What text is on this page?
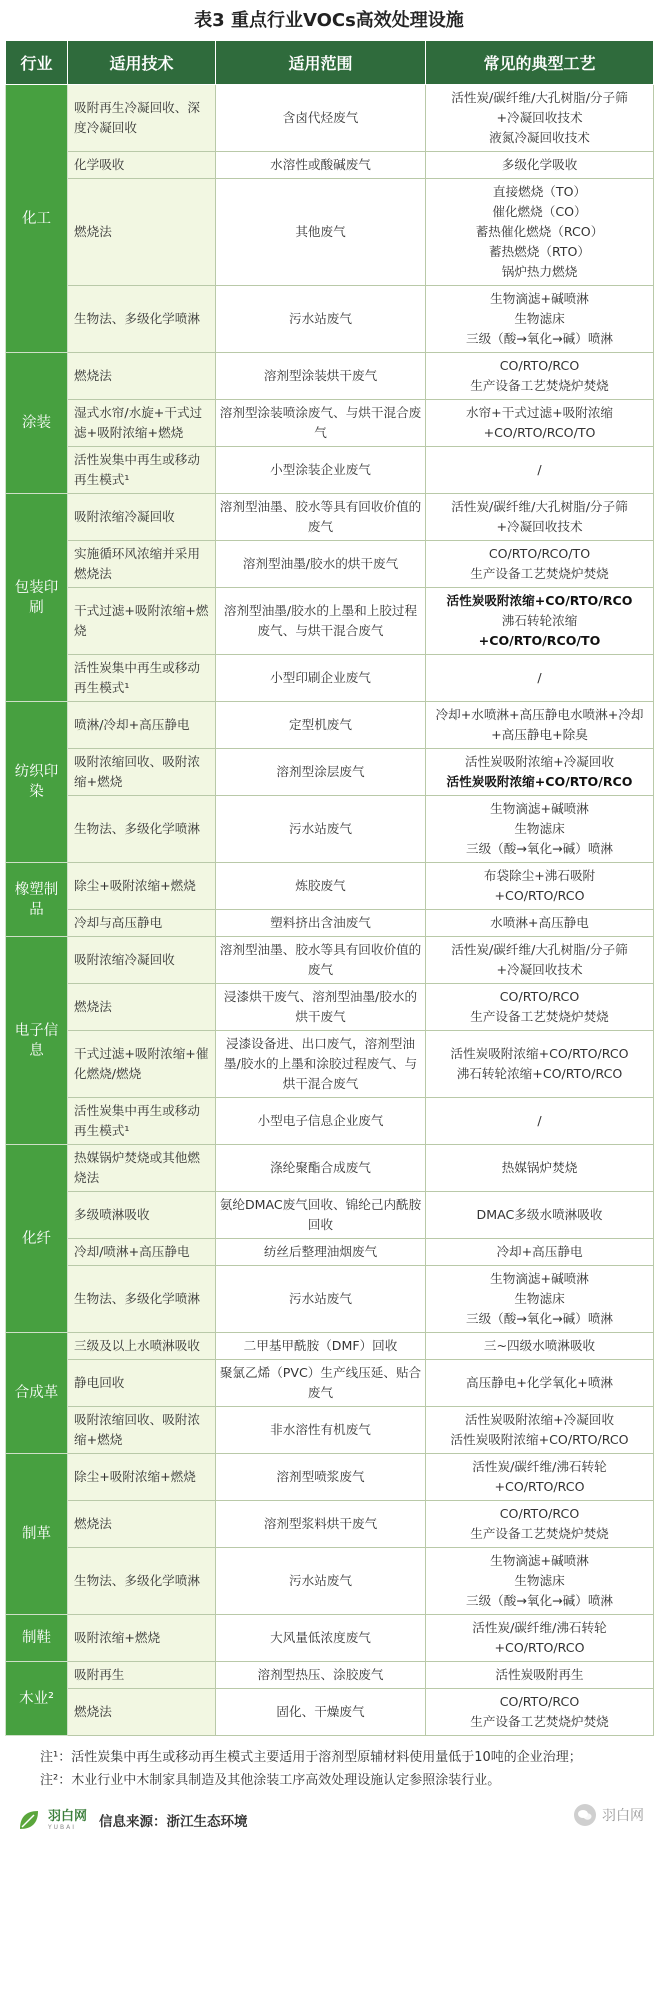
表3 重点行业VOCs高效处理设施
行业	适用技术	适用范围	常见的典型工艺
化工	吸附再生冷凝回收、深度冷凝回收	含卤代烃废气	活性炭/碳纤维/大孔树脂/分子筛
+冷凝回收技术
液氮冷凝回收技术

	化学吸收	水溶性或酸碱废气	多级化学吸收

	燃烧法	其他废气	直接燃烧（TO）
催化燃烧（CO）
蓄热催化燃烧（RCO）
蓄热燃烧（RTO）
锅炉热力燃烧

	生物法、多级化学喷淋	污水站废气	生物滴滤+碱喷淋
生物滤床
三级（酸→氧化→碱）喷淋

涂装	燃烧法	溶剂型涂装烘干废气	CO/RTO/RCO
生产设备工艺焚烧炉焚烧

	湿式水帘/水旋+干式过滤+吸附浓缩+燃烧	溶剂型涂装喷涂废气、与烘干混合废气	水帘+干式过滤+吸附浓缩
+CO/RTO/RCO/TO

	活性炭集中再生或移动再生模式¹	小型涂装企业废气	/

包装印刷	吸附浓缩冷凝回收	溶剂型油墨、胶水等具有回收价值的废气	活性炭/碳纤维/大孔树脂/分子筛
+冷凝回收技术

	实施循环风浓缩并采用燃烧法	溶剂型油墨/胶水的烘干废气	CO/RTO/RCO/TO
生产设备工艺焚烧炉焚烧

	干式过滤+吸附浓缩+燃烧	溶剂型油墨/胶水的上墨和上胶过程废气、与烘干混合废气	活性炭吸附浓缩+CO/RTO/RCO
沸石转轮浓缩
+CO/RTO/RCO/TO

	活性炭集中再生或移动再生模式¹	小型印刷企业废气	/

纺织印染	喷淋/冷却+高压静电	定型机废气	冷却+水喷淋+高压静电水喷淋+冷却+高压静电+除臭

	吸附浓缩回收、吸附浓缩+燃烧	溶剂型涂层废气	活性炭吸附浓缩+冷凝回收
活性炭吸附浓缩+CO/RTO/RCO

	生物法、多级化学喷淋	污水站废气	生物滴滤+碱喷淋
生物滤床
三级（酸→氧化→碱）喷淋

橡塑制品	除尘+吸附浓缩+燃烧	炼胶废气	布袋除尘+沸石吸附
+CO/RTO/RCO

	冷却与高压静电	塑料挤出含油废气	水喷淋+高压静电

电子信息	吸附浓缩冷凝回收	溶剂型油墨、胶水等具有回收价值的废气	活性炭/碳纤维/大孔树脂/分子筛
+冷凝回收技术

	燃烧法	浸漆烘干废气、溶剂型油墨/胶水的烘干废气	CO/RTO/RCO
生产设备工艺焚烧炉焚烧

	干式过滤+吸附浓缩+催化燃烧/燃烧	浸漆设备进、出口废气，溶剂型油墨/胶水的上墨和涂胶过程废气、与烘干混合废气	活性炭吸附浓缩+CO/RTO/RCO
沸石转轮浓缩+CO/RTO/RCO

	活性炭集中再生或移动再生模式¹	小型电子信息企业废气	/

化纤	热媒锅炉焚烧或其他燃烧法	涤纶聚酯合成废气	热媒锅炉焚烧

	多级喷淋吸收	氨纶DMAC废气回收、锦纶己内酰胺回收	DMAC多级水喷淋吸收

	冷却/喷淋+高压静电	纺丝后整理油烟废气	冷却+高压静电

	生物法、多级化学喷淋	污水站废气	生物滴滤+碱喷淋
生物滤床
三级（酸→氧化→碱）喷淋

合成革	三级及以上水喷淋吸收	二甲基甲酰胺（DMF）回收	三~四级水喷淋吸收

	静电回收	聚氯乙烯（PVC）生产线压延、贴合废气	高压静电+化学氧化+喷淋

	吸附浓缩回收、吸附浓缩+燃烧	非水溶性有机废气	活性炭吸附浓缩+冷凝回收
活性炭吸附浓缩+CO/RTO/RCO

制革	除尘+吸附浓缩+燃烧	溶剂型喷浆废气	活性炭/碳纤维/沸石转轮
+CO/RTO/RCO

	燃烧法	溶剂型浆料烘干废气	CO/RTO/RCO
生产设备工艺焚烧炉焚烧

	生物法、多级化学喷淋	污水站废气	生物滴滤+碱喷淋
生物滤床
三级（酸→氧化→碱）喷淋

制鞋	吸附浓缩+燃烧	大风量低浓度废气	活性炭/碳纤维/沸石转轮
+CO/RTO/RCO

木业²	吸附再生	溶剂型热压、涂胶废气	活性炭吸附再生

	燃烧法	固化、干燥废气	CO/RTO/RCO
生产设备工艺焚烧炉焚烧

注¹：活性炭集中再生或移动再生模式主要适用于溶剂型原辅材料使用量低于10吨的企业治理；

注²：木业行业中木制家具制造及其他涂装工序高效处理设施认定参照涂装行业。

羽白网
YUBAI	信息来源：浙江生态环境	羽白网
